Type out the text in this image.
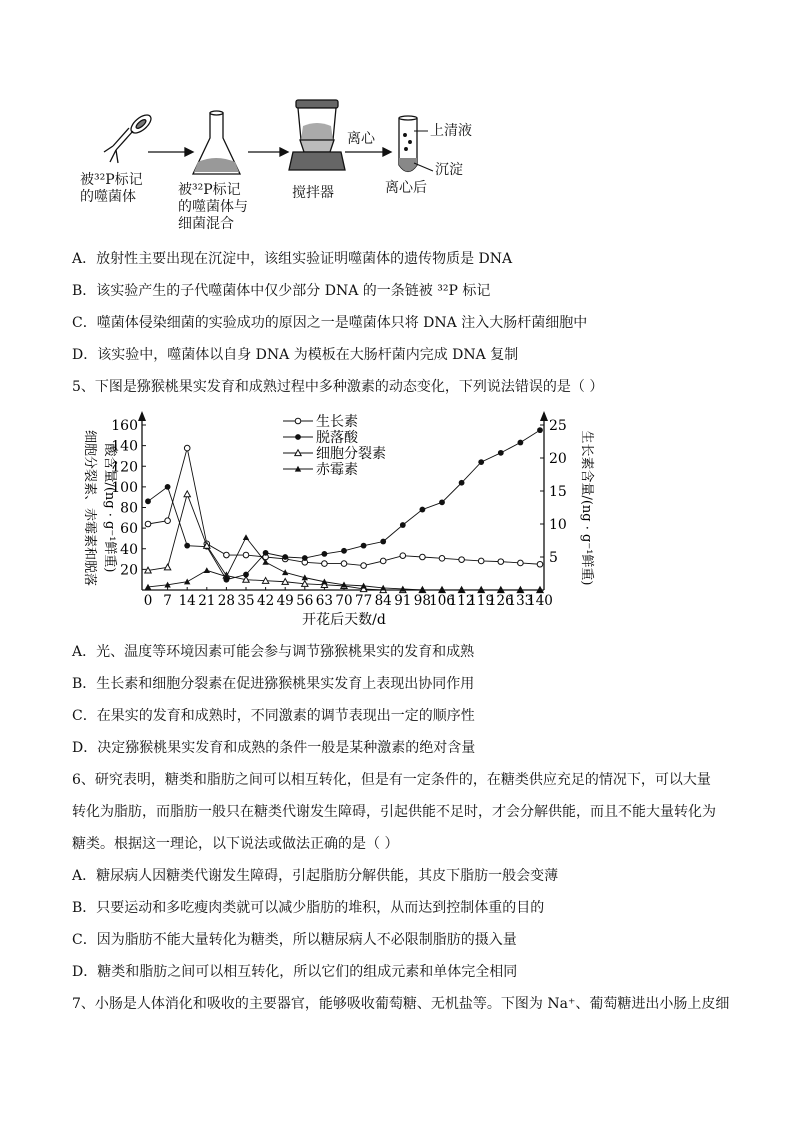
被³²P标记
的噬菌体	被³²P标记
的噬菌体与
细菌混合
搅拌器
离心
离心后
上清液
沉淀
A．放射性主要出现在沉淀中，该组实验证明噬菌体的遗传物质是 DNA
B．该实验产生的子代噬菌体中仅少部分 DNA 的一条链被 ³²P 标记
C．噬菌体侵染细菌的实验成功的原因之一是噬菌体只将 DNA 注入大肠杆菌细胞中
D．该实验中，噬菌体以自身 DNA 为模板在大肠杆菌内完成 DNA 复制
5、下图是猕猴桃果实发育和成熟过程中多种激素的动态变化，下列说法错误的是（ ）
20
40
60
80
100
120
140
160
5
10
15
20
25
0 7 14 21 28 35 42 49 56 63 70 77 84 91 98
106
112
119
126
133
140
开花后天数/d
细胞分裂素、赤霉素和脱落 酸含量/(ng · g⁻¹鲜重)	生长素含量/(ng · g⁻¹鲜重)
生长素
脱落酸
细胞分裂素
赤霉素
A．光、温度等环境因素可能会参与调节猕猴桃果实的发育和成熟
B．生长素和细胞分裂素在促进猕猴桃果实发育上表现出协同作用
C．在果实的发育和成熟时，不同激素的调节表现出一定的顺序性
D．决定猕猴桃果实发育和成熟的条件一般是某种激素的绝对含量
6、研究表明，糖类和脂肪之间可以相互转化，但是有一定条件的，在糖类供应充足的情况下，可以大量
转化为脂肪，而脂肪一般只在糖类代谢发生障碍，引起供能不足时，才会分解供能，而且不能大量转化为
糖类。根据这一理论，以下说法或做法正确的是（ ）
A．糖尿病人因糖类代谢发生障碍，引起脂肪分解供能，其皮下脂肪一般会变薄
B．只要运动和多吃瘦肉类就可以减少脂肪的堆积，从而达到控制体重的目的
C．因为脂肪不能大量转化为糖类，所以糖尿病人不必限制脂肪的摄入量
D．糖类和脂肪之间可以相互转化，所以它们的组成元素和单体完全相同
7、小肠是人体消化和吸收的主要器官，能够吸收葡萄糖、无机盐等。下图为 Na⁺、葡萄糖进出小肠上皮细
